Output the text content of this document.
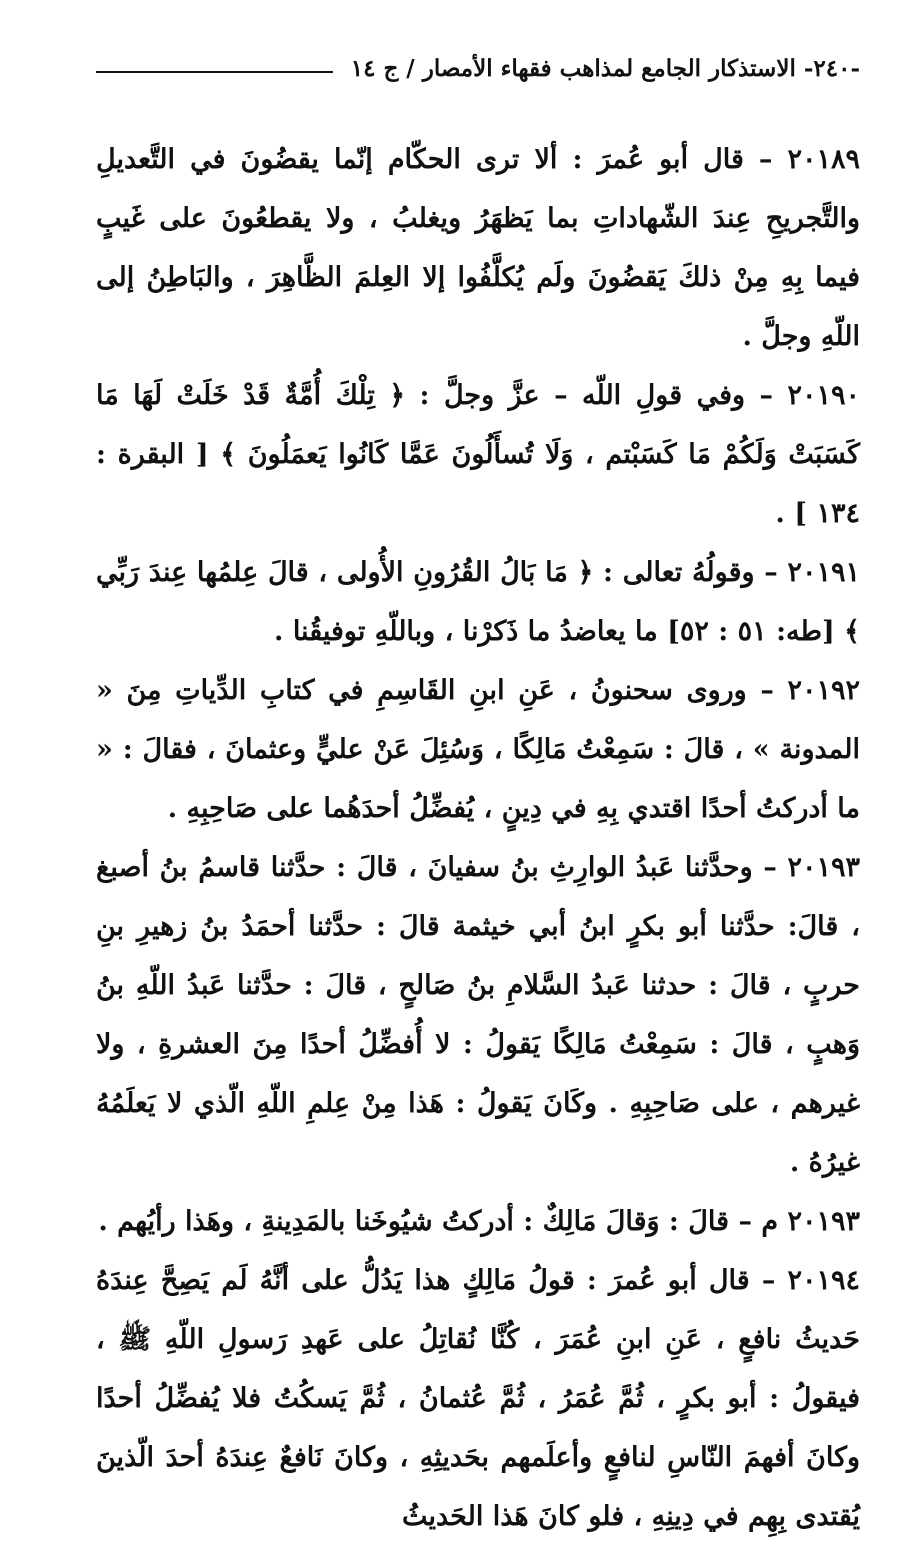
-٢٤٠- الاستذكار الجامع لمذاهب فقهاء الأمصار / ج ١٤

٢٠١٨٩ – قال أبو عُمرَ : ألا ترى الحكّام إنّما يقضُونَ في التَّعديلِ والتَّجريحِ عِندَ الشّهاداتِ بما يَظهَرُ ويغلبُ ، ولا يقطعُونَ على غَيبٍ فيما بِهِ مِنْ ذلكَ يَقضُونَ ولَم يُكلَّفُوا إلا العِلمَ الظَّاهِرَ ، والبَاطِنُ إلى اللّهِ وجلَّ .

٢٠١٩٠ – وفي قولِ اللّه – عزَّ وجلَّ : ﴿ تِلْكَ أُمَّةٌ قَدْ خَلَتْ لَهَا مَا كَسَبَتْ وَلَكُمْ مَا كَسَبْتم ، وَلَا تُسأَلُونَ عَمَّا كَانُوا يَعمَلُونَ ﴾ [ البقرة : ١٣٤ ] .

٢٠١٩١ – وقولُهُ تعالى : ﴿ مَا بَالُ القُرُونِ الأُولى ، قالَ عِلمُها عِندَ رَبِّي ﴾ [طه: ٥١ : ٥٢] ما يعاضدُ ما ذَكرْنا ، وباللّهِ توفيقُنا .

٢٠١٩٢ – وروى سحنونُ ، عَنِ ابنِ القَاسِمِ في كتابِ الدِّياتِ مِنَ « المدونة » ، قالَ : سَمِعْتُ مَالِكًا ، وَسُئِلَ عَنْ عليٍّ وعثمانَ ، فقالَ : « ما أدركتُ أحدًا اقتدي بِهِ في دِينٍ ، يُفضِّلُ أحدَهُما على صَاحِبِهِ .

٢٠١٩٣ – وحدَّثنا عَبدُ الوارِثِ بنُ سفيانَ ، قالَ : حدَّثنا قاسمُ بنُ أصبغ ، قالَ: حدَّثنا أبو بكرٍ ابنُ أبي خيثمة قالَ : حدَّثنا أحمَدُ بنُ زهيرِ بنِ حربٍ ، قالَ : حدثنا عَبدُ السَّلامِ بنُ صَالحٍ ، قالَ : حدَّثنا عَبدُ اللّهِ بنُ وَهبٍ ، قالَ : سَمِعْتُ مَالِكًا يَقولُ : لا أُفضِّلُ أحدًا مِنَ العشرةِ ، ولا غيرهم ، على صَاحِبِهِ . وكَانَ يَقولُ : هَذا مِنْ عِلمِ اللّهِ الّذي لا يَعلَمُهُ غيرُهُ .

٢٠١٩٣ م – قالَ : وَقالَ مَالِكٌ : أدركتُ شيُوخَنا بالمَدِينةِ ، وهَذا رأيُهم .

٢٠١٩٤ – قال أبو عُمرَ : قولُ مَالِكٍ هذا يَدُلُّ على أنَّهُ لَم يَصِحَّ عِندَهُ حَديثُ نافعٍ ، عَنِ ابنِ عُمَرَ ، كُنَّا نُقاتِلُ على عَهدِ رَسولِ اللّهِ ﷺ ، فيقولُ : أبو بكرٍ ، ثُمَّ عُمَرُ ، ثُمَّ عُثمانُ ، ثُمَّ يَسكُتُ فلا يُفضِّلُ أحدًا وكانَ أفهمَ النّاسِ لنافعٍ وأعلَمهم بحَديثِهِ ، وكانَ نَافعٌ عِندَهُ أحدَ الّذينَ يُقتدى بِهِم في دِينِهِ ، فلو كانَ هَذا الحَديثُ
